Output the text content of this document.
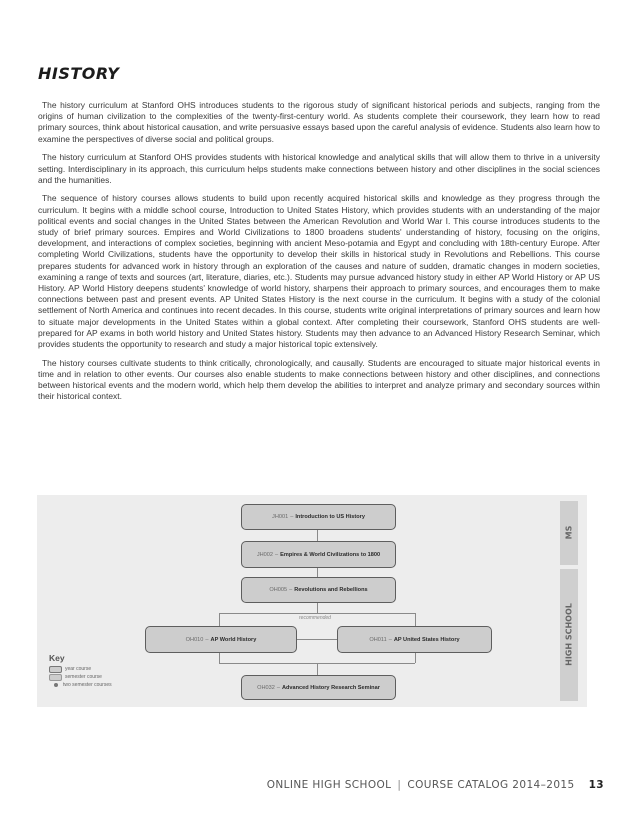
HISTORY

The history curriculum at Stanford OHS introduces students to the rigorous study of significant historical periods and subjects, ranging from the origins of human civilization to the complexities of the twenty-first-century world. As students complete their coursework, they learn how to read primary sources, think about historical causation, and write persuasive essays based upon the careful analysis of evidence. Students also learn how to examine the perspectives of diverse social and political groups.

The history curriculum at Stanford OHS provides students with historical knowledge and analytical skills that will allow them to thrive in a university setting. Interdisciplinary in its approach, this curriculum helps students make connections between history and other disciplines in the social sciences and the humanities.

The sequence of history courses allows students to build upon recently acquired historical skills and knowledge as they progress through the curriculum. It begins with a middle school course, Introduction to United States History, which provides students with an understanding of the major political events and social changes in the United States between the American Revolution and World War I. This course introduces students to the study of brief primary sources. Empires and World Civilizations to 1800 broadens students' understanding of history, focusing on the origins, development, and interactions of complex societies, beginning with ancient Meso-potamia and Egypt and concluding with 18th-century Europe. After completing World Civilizations, students have the opportunity to develop their skills in historical study in Revolutions and Rebellions. This course prepares students for advanced work in history through an exploration of the causes and nature of sudden, dramatic changes in modern societies, examining a range of texts and sources (art, literature, diaries, etc.). Students may pursue advanced history study in either AP World History or AP US History. AP World History deepens students' knowledge of world history, sharpens their approach to primary sources, and encourages them to make connections between past and present events. AP United States History is the next course in the curriculum. It begins with a study of the colonial settlement of North America and continues into recent decades. In this course, students write original interpretations of primary sources and learn how to situate major developments in the United States within a global context. After completing their coursework, Stanford OHS students are well-prepared for AP exams in both world history and United States history. Students may then advance to an Advanced History Research Seminar, which provides students the opportunity to research and study a major historical topic extensively.

The history courses cultivate students to think critically, chronologically, and causally. Students are encouraged to situate major historical events in time and in relation to other events. Our courses also enable students to make connections between history and other disciplines, and connections between historical events and the modern world, which help them develop the abilities to interpret and analyze primary and secondary sources within their historical context.

MS
HIGH SCHOOL
recommended
JH001 – Introduction to US History
JH002 – Empires & World Civilizations to 1800
OH005 – Revolutions and Rebellions
OH010 – AP World History	OH011 – AP United States History
OH032 – Advanced History Research Seminar
Key
year course
semester course
two semester courses
ONLINE HIGH SCHOOL | COURSE CATALOG 2014–2015 13
